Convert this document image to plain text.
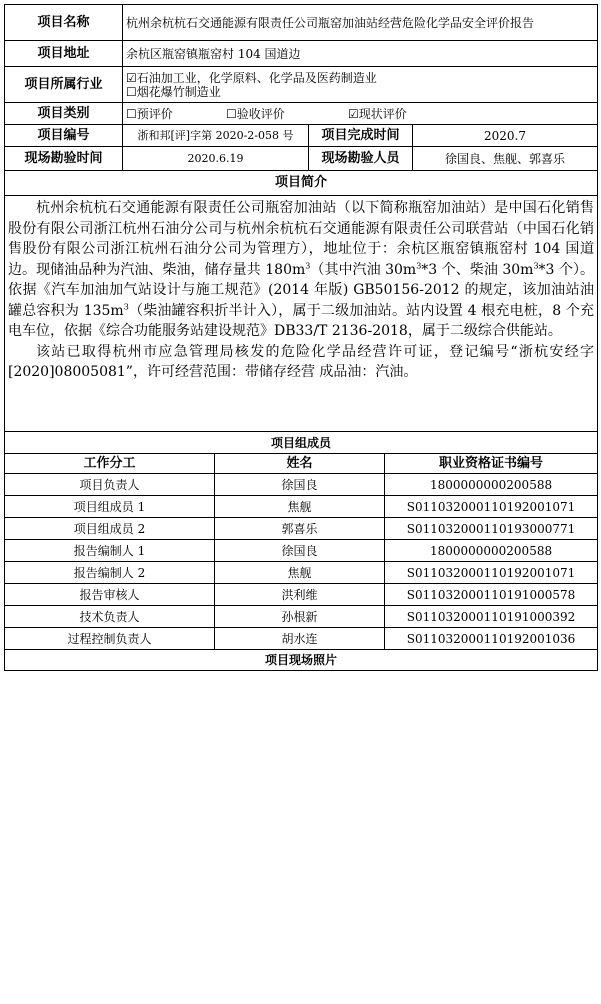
项目名称	杭州余杭杭石交通能源有限责任公司瓶窑加油站经营危险化学品安全评价报告		
项目地址	余杭区瓶窑镇瓶窑村 104 国道边		
项目所属行业	☑石油加工业，化学原料、化学品及医药制造业
☐烟花爆竹制造业		

项目类别	☐预评价 ☐验收评价 ☑现状评价		
项目编号	浙和邦[评]字第 2020-2-058 号	项目完成时间	2020.7
现场勘验时间	2020.6.19	现场勘验人员	徐国良、焦舰、郭喜乐
项目简介			

杭州余杭杭石交通能源有限责任公司瓶窑加油站（以下简称瓶窑加油站）是中国石化销售股份有限公司浙江杭州石油分公司与杭州余杭杭石交通能源有限责任公司联营站（中国石化销售股份有限公司浙江杭州石油分公司为管理方），地址位于：余杭区瓶窑镇瓶窑村 104 国道边。现储油品种为汽油、柴油，储存量共 $180m^3$（其中汽油 $30m^3*3$ 个、柴油 $30m^3*3$ 个）。依据《汽车加油加气站设计与施工规范》(2014 年版) GB50156-2012 的规定，该加油站油罐总容积为 $135m^3$（柴油罐容积折半计入），属于二级加油站。站内设置 4 根充电桩，8 个充电车位，依据《综合功能服务站建设规范》DB33/T 2136-2018，属于二级综合供能站。

该站已取得杭州市应急管理局核发的危险化学品经营许可证，登记编号“浙杭安经字[2020]08005081”，许可经营范围：带储存经营 成品油：汽油。			

项目组成员		
工作分工	姓名	职业资格证书编号
项目负责人	徐国良	1800000000200588
项目组成员 1	焦舰	S011032000110192001071
项目组成员 2	郭喜乐	S011032000110193000771
报告编制人 1	徐国良	1800000000200588
报告编制人 2	焦舰	S011032000110192001071
报告审核人	洪利维	S011032000110191000578
技术负责人	孙根新	S011032000110191000392
过程控制负责人	胡水连	S011032000110192001036
项目现场照片		
